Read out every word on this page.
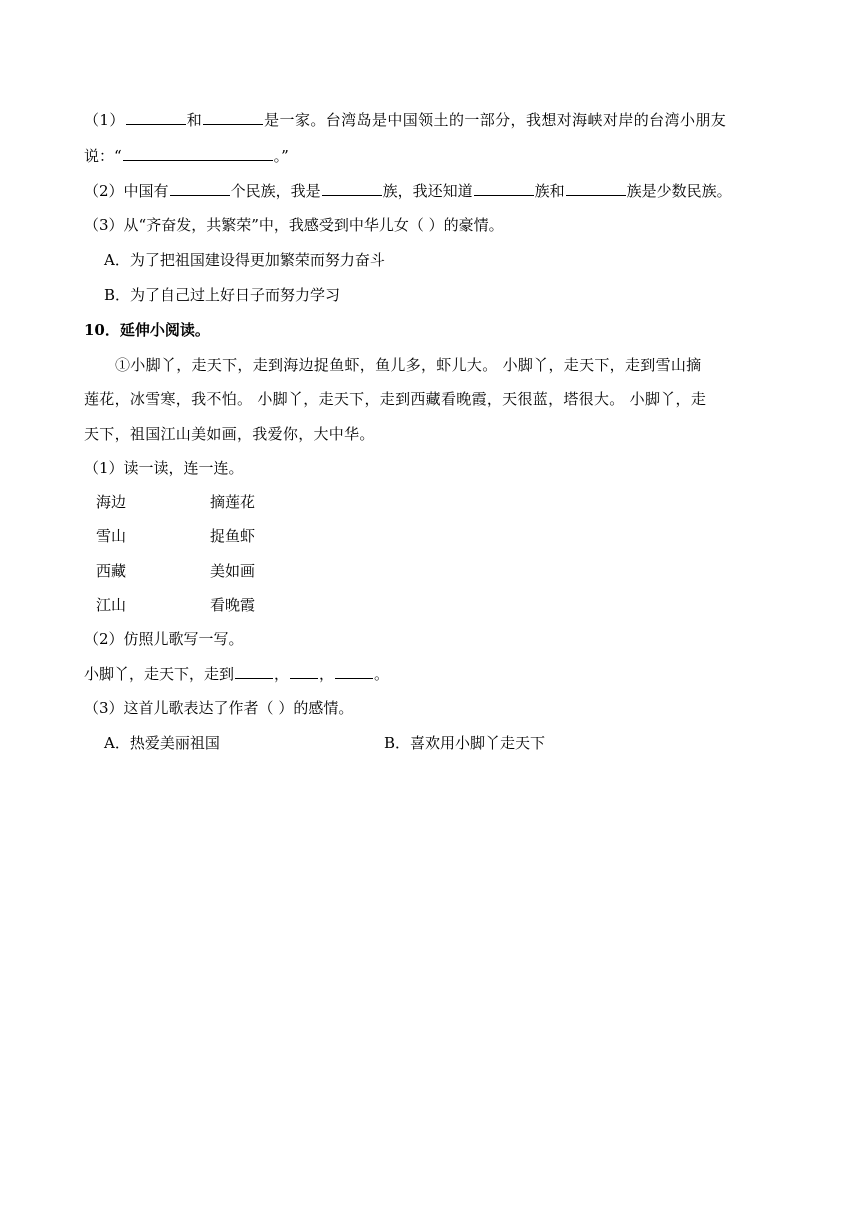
（1）	和	是一家。台湾岛是中国领土的一部分，我想对海峡对岸的台湾小朋友
说：“	。”
（2）中国有	个民族，我是	族，我还知道	族和	族是少数民族。
（3）从“齐奋发，共繁荣”中，我感受到中华儿女（ ）的豪情。
A．为了把祖国建设得更加繁荣而努力奋斗
B．为了自己过上好日子而努力学习
10．延伸小阅读。
①小脚丫，走天下，走到海边捉鱼虾，鱼儿多，虾儿大。 小脚丫，走天下，走到雪山摘
莲花，冰雪寒，我不怕。 小脚丫，走天下，走到西藏看晚霞，天很蓝，塔很大。 小脚丫，走
天下，祖国江山美如画，我爱你，大中华。
（1）读一读，连一连。
海边	摘莲花
雪山	捉鱼虾
西藏	美如画
江山	看晚霞
（2）仿照儿歌写一写。
小脚丫，走天下，走到	， ，	。
（3）这首儿歌表达了作者（ ）的感情。
A．热爱美丽祖国	B．喜欢用小脚丫走天下
